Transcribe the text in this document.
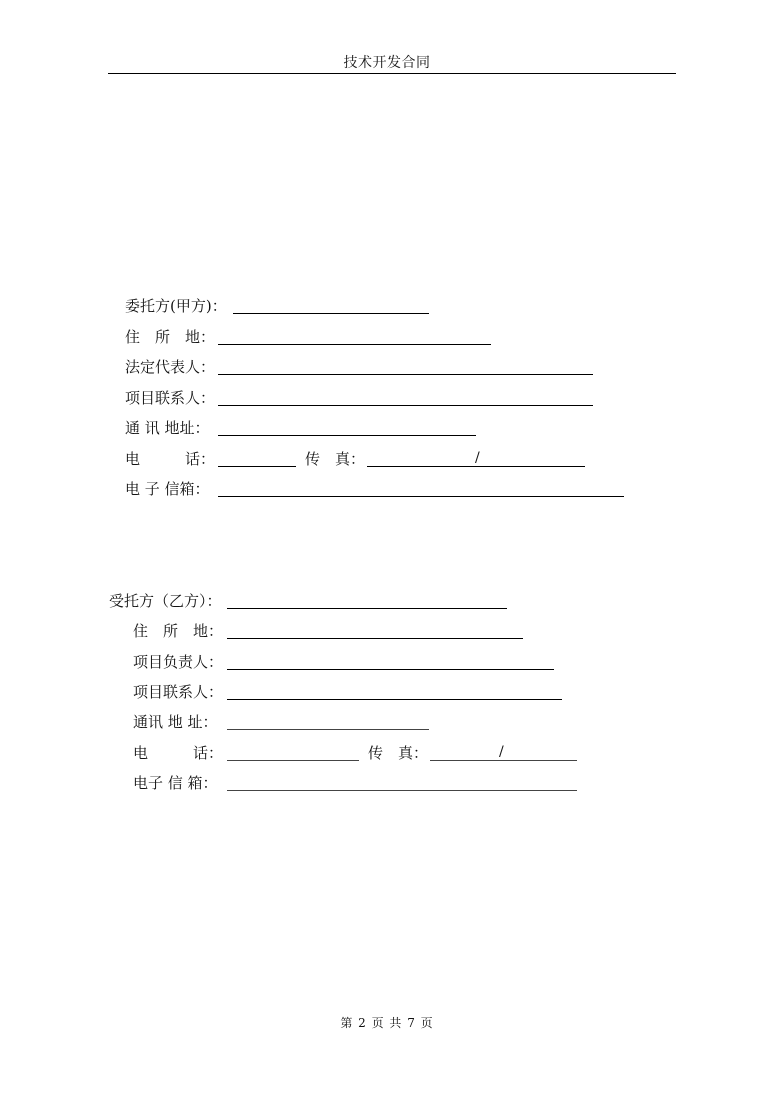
技术开发合同
委托方(甲方)：
住　所　地：
法定代表人：
项目联系人：
通 讯 地址：
电　　　话：	传　真：	/
电 子 信箱：
受托方（乙方）：
住　所　地：
项目负责人：
项目联系人：
通讯 地 址：
电　　　话：	传　真：	/
电子 信 箱：
第 2 页 共 7 页
